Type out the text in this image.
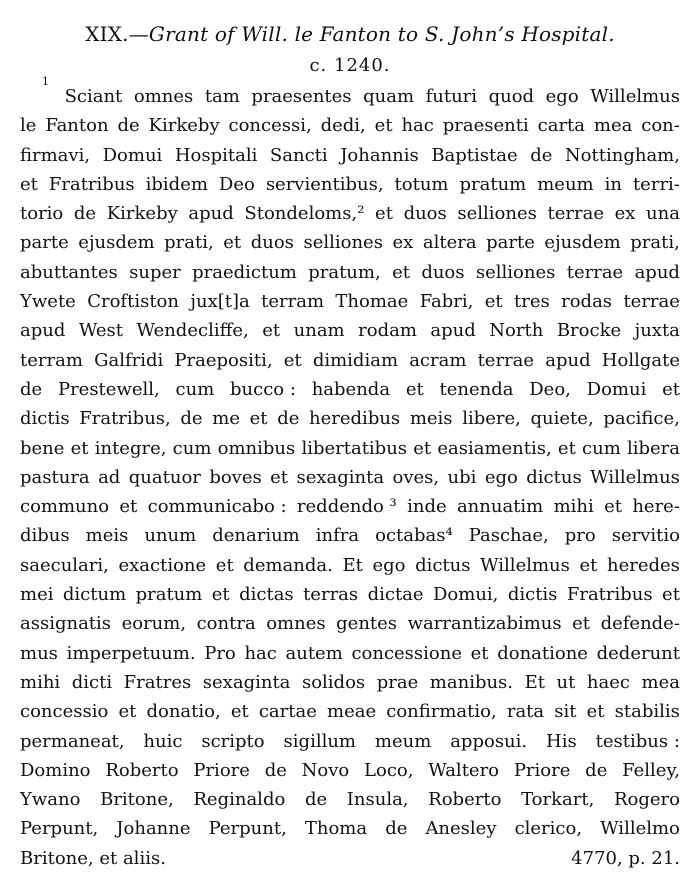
XIX.—Grant of Will. le Fanton to S. John’s Hospital.
c. 1240.
1
Sciant omnes tam praesentes quam futuri quod ego Willelmus
le Fanton de Kirkeby concessi, dedi, et hac praesenti carta mea con-
firmavi, Domui Hospitali Sancti Johannis Baptistae de Nottingham,
et Fratribus ibidem Deo servientibus, totum pratum meum in terri-
torio de Kirkeby apud Stondeloms,² et duos selliones terrae ex una
parte ejusdem prati, et duos selliones ex altera parte ejusdem prati,
abuttantes super praedictum pratum, et duos selliones terrae apud
Ywete Croftiston jux[t]a terram Thomae Fabri, et tres rodas terrae
apud West Wendecliffe, et unam rodam apud North Brocke juxta
terram Galfridi Praepositi, et dimidiam acram terrae apud Hollgate
de Prestewell, cum bucco : habenda et tenenda Deo, Domui et
dictis Fratribus, de me et de heredibus meis libere, quiete, pacifice,
bene et integre, cum omnibus libertatibus et easiamentis, et cum libera
pastura ad quatuor boves et sexaginta oves, ubi ego dictus Willelmus
communo et communicabo : reddendo ³ inde annuatim mihi et here-
dibus meis unum denarium infra octabas⁴ Paschae, pro servitio
saeculari, exactione et demanda. Et ego dictus Willelmus et heredes
mei dictum pratum et dictas terras dictae Domui, dictis Fratribus et
assignatis eorum, contra omnes gentes warrantizabimus et defende-
mus imperpetuum. Pro hac autem concessione et donatione dederunt
mihi dicti Fratres sexaginta solidos prae manibus. Et ut haec mea
concessio et donatio, et cartae meae confirmatio, rata sit et stabilis
permaneat, huic scripto sigillum meum apposui. His testibus :
Domino Roberto Priore de Novo Loco, Waltero Priore de Felley,
Ywano Britone, Reginaldo de Insula, Roberto Torkart, Rogero
Perpunt, Johanne Perpunt, Thoma de Anesley clerico, Willelmo
Britone, et aliis.	4770, p. 21.
